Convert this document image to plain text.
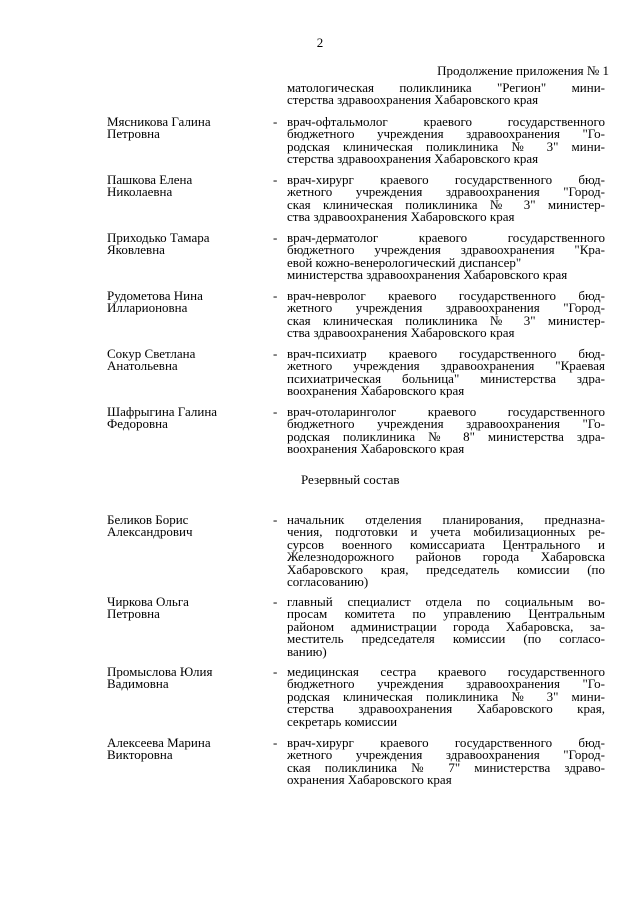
2
Продолжение приложения № 1
матологическая поликлиника "Регион" мини-
стерства здравоохранения Хабаровского края
Мясникова Галина
Петровна
- врач-офтальмолог краевого государственного
бюджетного учреждения здравоохранения "Го-
родская клиническая поликлиника № 3" мини-
стерства здравоохранения Хабаровского края
Пашкова Елена
Николаевна
- врач-хирург краевого государственного бюд-
жетного учреждения здравоохранения "Город-
ская клиническая поликлиника № 3" министер-
ства здравоохранения Хабаровского края
Приходько Тамара
Яковлевна
- врач-дерматолог краевого государственного
бюджетного учреждения здравоохранения "Кра-
евой кожно-венерологический диспансер"
министерства здравоохранения Хабаровского края
Рудометова Нина
Илларионовна
- врач-невролог краевого государственного бюд-
жетного учреждения здравоохранения "Город-
ская клиническая поликлиника № 3" министер-
ства здравоохранения Хабаровского края
Сокур Светлана
Анатольевна
- врач-психиатр краевого государственного бюд-
жетного учреждения здравоохранения "Краевая
психиатрическая больница" министерства здра-
воохранения Хабаровского края
Шафрыгина Галина
Федоровна
- врач-отоларинголог краевого государственного
бюджетного учреждения здравоохранения "Го-
родская поликлиника № 8" министерства здра-
воохранения Хабаровского края
Резервный состав
Беликов Борис
Александрович
- начальник отделения планирования, предназна-
чения, подготовки и учета мобилизационных ре-
сурсов военного комиссариата Центрального и
Железнодорожного районов города Хабаровска
Хабаровского края, председатель комиссии (по
согласованию)
Чиркова Ольга
Петровна
- главный специалист отдела по социальным во-
просам комитета по управлению Центральным
районом администрации города Хабаровска, за-
меститель председателя комиссии (по согласо-
ванию)
Промыслова Юлия
Вадимовна
- медицинская сестра краевого государственного
бюджетного учреждения здравоохранения "Го-
родская клиническая поликлиника № 3" мини-
стерства здравоохранения Хабаровского края,
секретарь комиссии
Алексеева Марина
Викторовна
- врач-хирург краевого государственного бюд-
жетного учреждения здравоохранения "Город-
ская поликлиника № 7" министерства здраво-
охранения Хабаровского края
